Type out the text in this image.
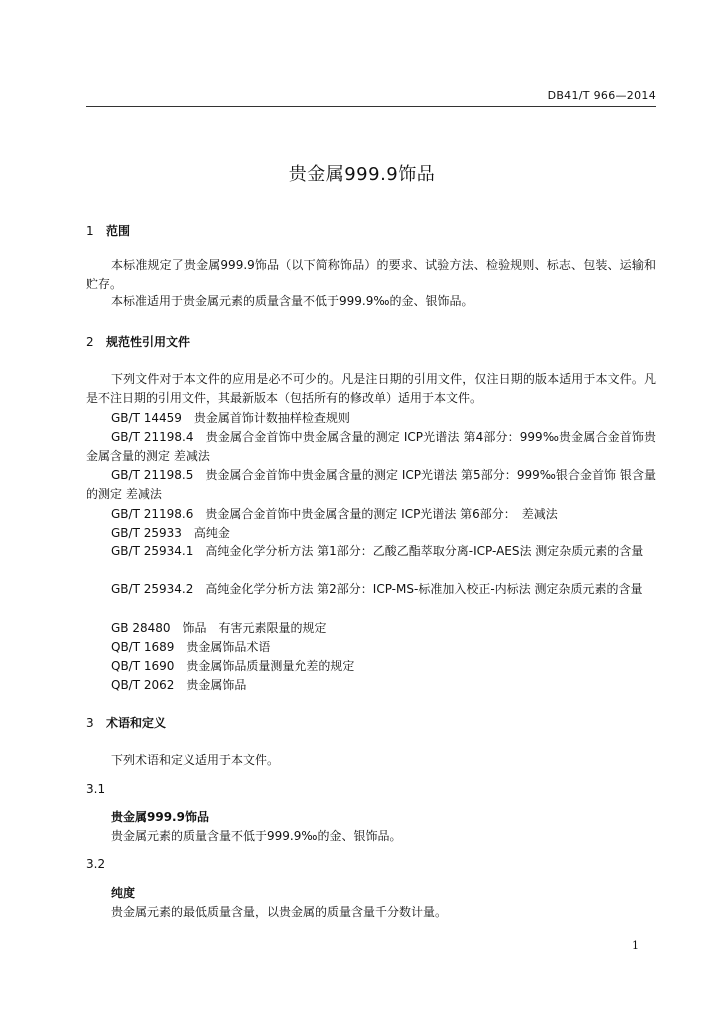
DB41/T 966—2014
贵金属999.9饰品
1 范围
本标准规定了贵金属999.9饰品（以下简称饰品）的要求、试验方法、检验规则、标志、包装、运输和贮存。
本标准适用于贵金属元素的质量含量不低于999.9‰的金、银饰品。
2 规范性引用文件
下列文件对于本文件的应用是必不可少的。凡是注日期的引用文件，仅注日期的版本适用于本文件。凡是不注日期的引用文件，其最新版本（包括所有的修改单）适用于本文件。
GB/T 14459　贵金属首饰计数抽样检查规则
GB/T 21198.4　贵金属合金首饰中贵金属含量的测定 ICP光谱法 第4部分：999‰贵金属合金首饰贵金属含量的测定 差减法
GB/T 21198.5　贵金属合金首饰中贵金属含量的测定 ICP光谱法 第5部分：999‰银合金首饰 银含量的测定 差减法
GB/T 21198.6　贵金属合金首饰中贵金属含量的测定 ICP光谱法 第6部分：　差减法
GB/T 25933　高纯金
GB/T 25934.1　高纯金化学分析方法 第1部分：乙酸乙酯萃取分离-ICP-AES法 测定杂质元素的含量
GB/T 25934.2　高纯金化学分析方法 第2部分：ICP-MS-标准加入校正-内标法 测定杂质元素的含量
GB 28480　饰品　有害元素限量的规定
QB/T 1689　贵金属饰品术语
QB/T 1690　贵金属饰品质量测量允差的规定
QB/T 2062　贵金属饰品
3 术语和定义
下列术语和定义适用于本文件。
3.1
贵金属999.9饰品
贵金属元素的质量含量不低于999.9‰的金、银饰品。
3.2
纯度
贵金属元素的最低质量含量，以贵金属的质量含量千分数计量。
1
